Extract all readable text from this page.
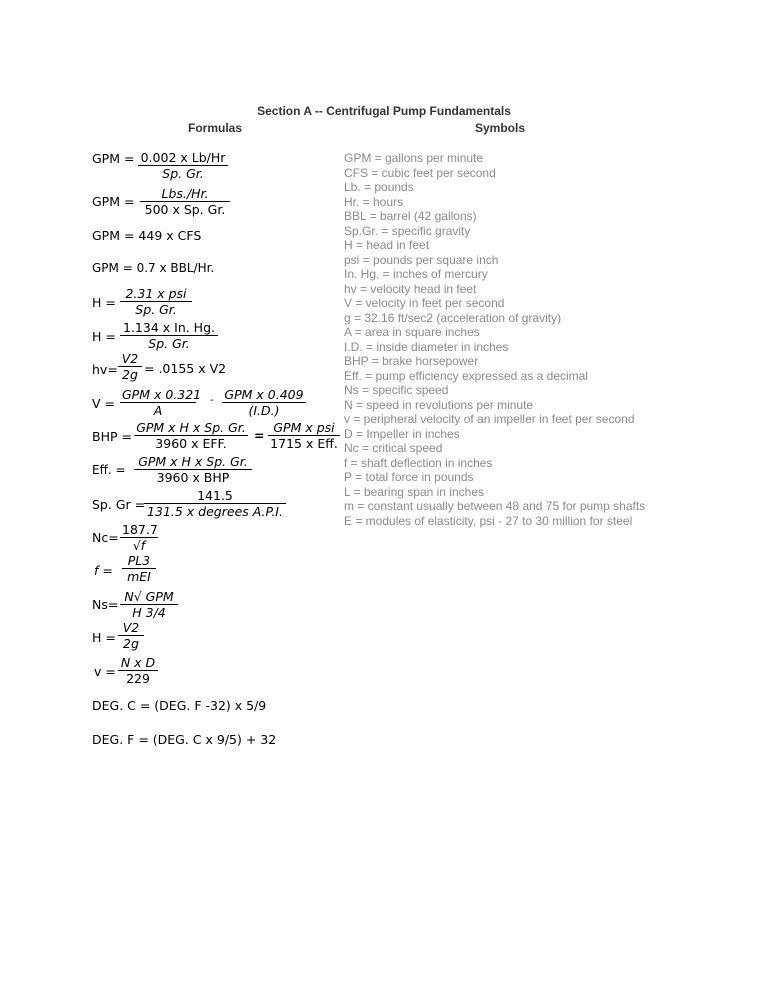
Section A -- Centrifugal Pump Fundamentals
Formulas	Symbols
GPM = $\frac{\text{0.002 x Lb/Hr}}{Sp. Gr.}$
GPM =
Lbs./Hr.
500 x Sp. Gr.
GPM = 449 x CFS
GPM = 0.7 x BBL/Hr.
H =
2.31 x psi
Sp. Gr.
$H = \frac{\text{1.134 x In. Hg.}}{Sp. Gr.}$
$hv= \frac{V2}{2g} = .0155$ x V2
V =
GPM x 0.321
A
- GPM x 0.409
(I.D.)
BHP =
GPM x H x Sp. Gr.
3960 x EFF.
=
GPM x psi
1715 x Eff.
Eff. =
GPM x H x Sp. Gr.
3960 x BHP
Sp. Gr =
141.5
131.5 x degrees A.P.I.
$Nc= \frac{187.7}{√f}$
f =
PL3
mEI
Ns=
N√ GPM
H 3/4
$H = \frac{V2}{2g}$
$v = \frac{\text{N x D}}{229}$
DEG. C = (DEG. F -32) x 5/9
DEG. F = (DEG. C x 9/5) + 32
GPM = gallons per minute
CFS = cubic feet per second
Lb. = pounds
Hr. = hours
BBL = barrel (42 gallons)
Sp.Gr. = specific gravity
H = head in feet
psi = pounds per square inch
In. Hg. = inches of mercury
hv = velocity head in feet
V = velocity in feet per second
g = 32.16 ft/sec2 (acceleration of gravity)
A = area in square inches
I.D. = inside diameter in inches
BHP = brake horsepower
Eff. = pump efficiency expressed as a decimal
Ns = specific speed
N = speed in revolutions per minute
v = peripheral velocity of an impeller in feet per second
D = Impeller in inches
Nc = critical speed
f = shaft deflection in inches
P = total force in pounds
L = bearing span in inches
m = constant usually between 48 and 75 for pump shafts
E = modules of elasticity, psi - 27 to 30 million for steel
